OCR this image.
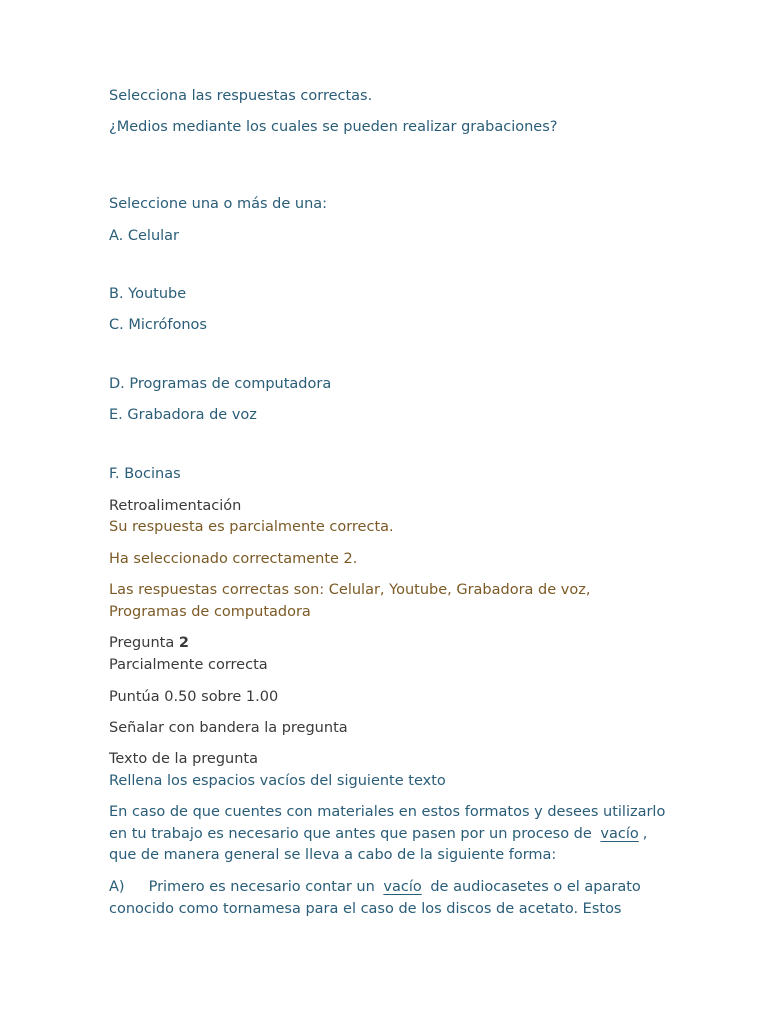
Selecciona las respuestas correctas.

¿Medios mediante los cuales se pueden realizar grabaciones?

Seleccione una o más de una:

A. Celular

B. Youtube

C. Micrófonos

D. Programas de computadora

E. Grabadora de voz

F. Bocinas

Retroalimentación

Su respuesta es parcialmente correcta.

Ha seleccionado correctamente 2.

Las respuestas correctas son: Celular, Youtube, Grabadora de voz,

Programas de computadora

Pregunta 2

Parcialmente correcta

Puntúa 0.50 sobre 1.00

Señalar con bandera la pregunta

Texto de la pregunta

Rellena los espacios vacíos del siguiente texto

En caso de que cuentes con materiales en estos formatos y desees utilizarlo

en tu trabajo es necesario que antes que pasen por un proceso de vacío ,

que de manera general se lleva a cabo de la siguiente forma:

A) Primero es necesario contar un vacío de audiocasetes o el aparato

conocido como tornamesa para el caso de los discos de acetato. Estos
